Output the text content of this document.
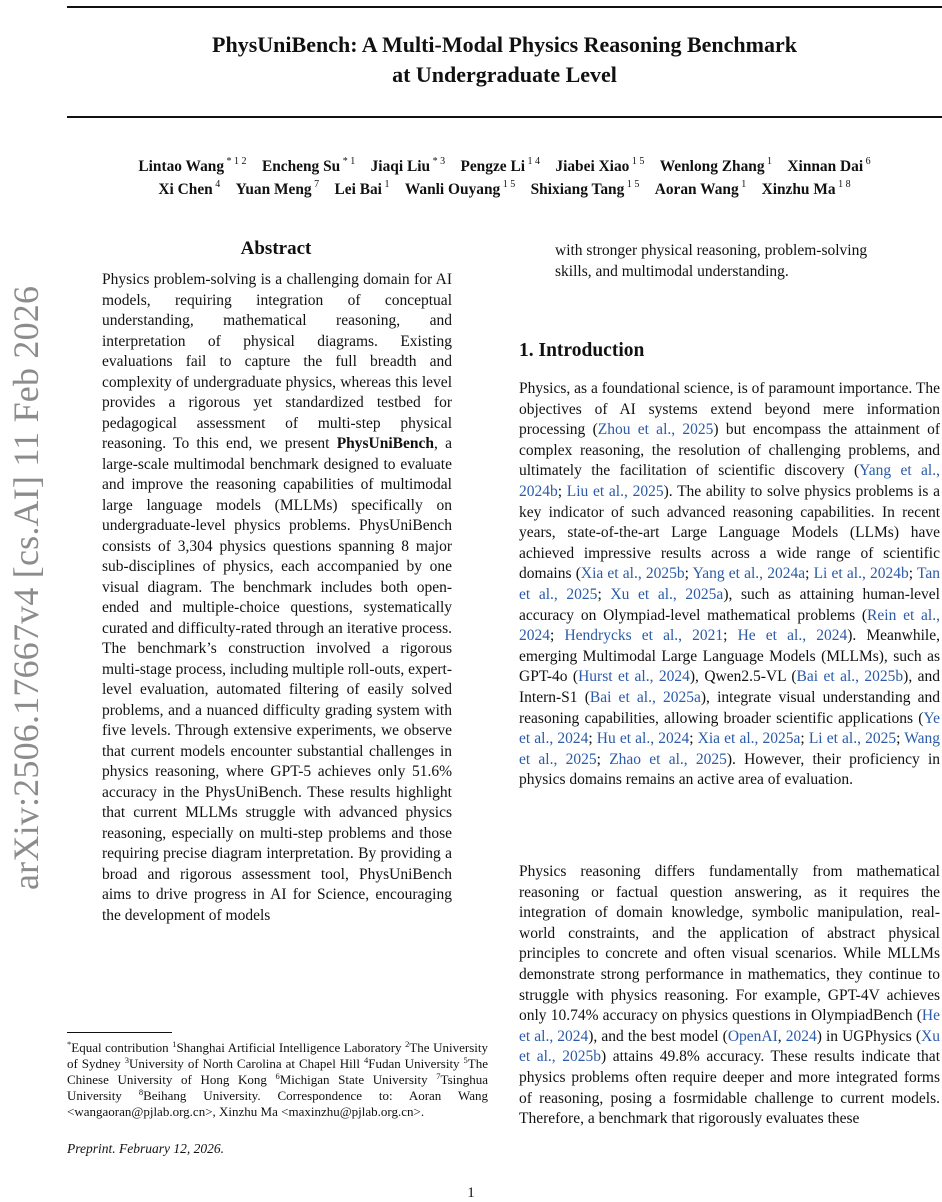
PhysUniBench: A Multi-Modal Physics Reasoning Benchmark
at Undergraduate Level
Lintao Wang $^{* 1 2}$ Encheng Su $^{* 1}$ Jiaqi Liu $^{* 3}$ Pengze Li $^{1 4}$ Jiabei Xiao $^{1 5}$ Wenlong Zhang $^1$ Xinnan Dai $^6$
Xi Chen $^4$ Yuan Meng $^7$ Lei Bai $^1$ Wanli Ouyang $^{1 5}$ Shixiang Tang $^{1 5}$ Aoran Wang $^1$ Xinzhu Ma $^{1 8}$
arXiv:2506.17667v4 [cs.AI] 11 Feb 2026
Abstract
Physics problem-solving is a challenging domain for AI models, requiring integration of conceptual understanding, mathematical reasoning, and interpretation of physical diagrams. Existing evaluations fail to capture the full breadth and complexity of undergraduate physics, whereas this level provides a rigorous yet standardized testbed for pedagogical assessment of multi-step physical reasoning. To this end, we present PhysUniBench, a large-scale multimodal benchmark designed to evaluate and improve the reasoning capabilities of multimodal large language models (MLLMs) specifically on undergraduate-level physics problems. PhysUniBench consists of 3,304 physics questions spanning 8 major sub-disciplines of physics, each accompanied by one visual diagram. The benchmark includes both open-ended and multiple-choice questions, systematically curated and difficulty-rated through an iterative process. The benchmark’s construction involved a rigorous multi-stage process, including multiple roll-outs, expert-level evaluation, automated filtering of easily solved problems, and a nuanced difficulty grading system with five levels. Through extensive experiments, we observe that current models encounter substantial challenges in physics reasoning, where GPT-5 achieves only 51.6% accuracy in the PhysUniBench. These results highlight that current MLLMs struggle with advanced physics reasoning, especially on multi-step problems and those requiring precise diagram interpretation. By providing a broad and rigorous assessment tool, PhysUniBench aims to drive progress in AI for Science, encouraging the development of models
with stronger physical reasoning, problem-solving skills, and multimodal understanding.
*Equal contribution $^1$Shanghai Artificial Intelligence Laboratory $^2$The University of Sydney $^3$University of North Carolina at Chapel Hill $^4$Fudan University $^5$The Chinese University of Hong Kong $^6$Michigan State University $^7$Tsinghua University $^8$Beihang University. Correspondence to: Aoran Wang <wangaoran@pjlab.org.cn>, Xinzhu Ma <maxinzhu@pjlab.org.cn>.
Preprint. February 12, 2026.
1
1. Introduction
Physics, as a foundational science, is of paramount importance. The objectives of AI systems extend beyond mere information processing (Zhou et al., 2025) but encompass the attainment of complex reasoning, the resolution of challenging problems, and ultimately the facilitation of scientific discovery (Yang et al., 2024b; Liu et al., 2025). The ability to solve physics problems is a key indicator of such advanced reasoning capabilities. In recent years, state-of-the-art Large Language Models (LLMs) have achieved impressive results across a wide range of scientific domains (Xia et al., 2025b; Yang et al., 2024a; Li et al., 2024b; Tan et al., 2025; Xu et al., 2025a), such as attaining human-level accuracy on Olympiad-level mathematical problems (Rein et al., 2024; Hendrycks et al., 2021; He et al., 2024). Meanwhile, emerging Multimodal Large Language Models (MLLMs), such as GPT-4o (Hurst et al., 2024), Qwen2.5-VL (Bai et al., 2025b), and Intern-S1 (Bai et al., 2025a), integrate visual understanding and reasoning capabilities, allowing broader scientific applications (Ye et al., 2024; Hu et al., 2024; Xia et al., 2025a; Li et al., 2025; Wang et al., 2025; Zhao et al., 2025). However, their proficiency in physics domains remains an active area of evaluation.
Physics reasoning differs fundamentally from mathematical reasoning or factual question answering, as it requires the integration of domain knowledge, symbolic manipulation, real-world constraints, and the application of abstract physical principles to concrete and often visual scenarios. While MLLMs demonstrate strong performance in mathematics, they continue to struggle with physics reasoning. For example, GPT-4V achieves only 10.74% accuracy on physics questions in OlympiadBench (He et al., 2024), and the best model (OpenAI, 2024) in UGPhysics (Xu et al., 2025b) attains 49.8% accuracy. These results indicate that physics problems often require deeper and more integrated forms of reasoning, posing a fosrmidable challenge to current models. Therefore, a benchmark that rigorously evaluates these
